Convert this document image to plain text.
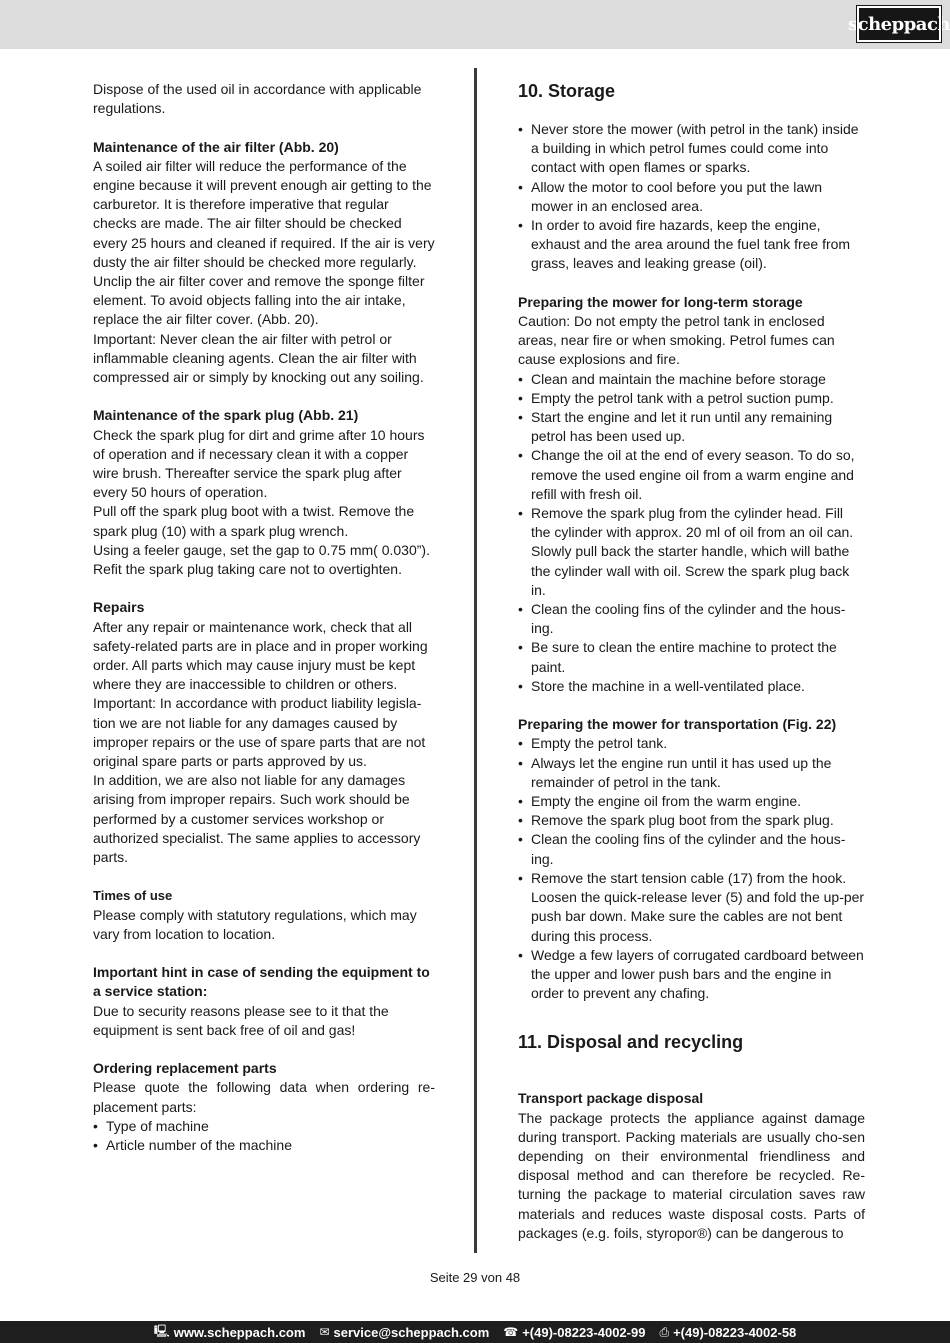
scheppach

Dispose of the used oil in accordance with applicable regulations.

Maintenance of the air filter (Abb. 20)

A soiled air filter will reduce the performance of the engine because it will prevent enough air getting to the carburetor. It is therefore imperative that regular checks are made. The air filter should be checked every 25 hours and cleaned if required. If the air is very dusty the air filter should be checked more regularly.

Unclip the air filter cover and remove the sponge filter element. To avoid objects falling into the air intake, replace the air filter cover. (Abb. 20).

Important: Never clean the air filter with petrol or inflammable cleaning agents. Clean the air filter with compressed air or simply by knocking out any soiling.

Maintenance of the spark plug (Abb. 21)

Check the spark plug for dirt and grime after 10 hours of operation and if necessary clean it with a copper wire brush. Thereafter service the spark plug after every 50 hours of operation.

Pull off the spark plug boot with a twist. Remove the spark plug (10) with a spark plug wrench.

Using a feeler gauge, set the gap to 0.75 mm( 0.030”).

Refit the spark plug taking care not to overtighten.

Repairs

After any repair or maintenance work, check that all safety-related parts are in place and in proper working order. All parts which may cause injury must be kept where they are inaccessible to children or others.

Important: In accordance with product liability legisla-tion we are not liable for any damages caused by improper repairs or the use of spare parts that are not original spare parts or parts approved by us.

In addition, we are also not liable for any damages arising from improper repairs. Such work should be performed by a customer services workshop or authorized specialist. The same applies to accessory parts.

Times of use

Please comply with statutory regulations, which may vary from location to location.

Important hint in case of sending the equipment to a service station:

Due to security reasons please see to it that the equipment is sent back free of oil and gas!

Ordering replacement parts

Please quote the following data when ordering re-placement parts:

• Type of machine
• Article number of the machine

10. Storage

• Never store the mower (with petrol in the tank) inside a building in which petrol fumes could come into contact with open flames or sparks.
• Allow the motor to cool before you put the lawn mower in an enclosed area.
• In order to avoid fire hazards, keep the engine, exhaust and the area around the fuel tank free from grass, leaves and leaking grease (oil).

Preparing the mower for long-term storage

Caution: Do not empty the petrol tank in enclosed areas, near fire or when smoking. Petrol fumes can cause explosions and fire.

• Clean and maintain the machine before storage
• Empty the petrol tank with a petrol suction pump.
• Start the engine and let it run until any remaining petrol has been used up.
• Change the oil at the end of every season. To do so, remove the used engine oil from a warm engine and refill with fresh oil.
• Remove the spark plug from the cylinder head. Fill the cylinder with approx. 20 ml of oil from an oil can. Slowly pull back the starter handle, which will bathe the cylinder wall with oil. Screw the spark plug back in.
• Clean the cooling fins of the cylinder and the hous-ing.
• Be sure to clean the entire machine to protect the paint.
• Store the machine in a well-ventilated place.

Preparing the mower for transportation (Fig. 22)

• Empty the petrol tank.
• Always let the engine run until it has used up the remainder of petrol in the tank.
• Empty the engine oil from the warm engine.
• Remove the spark plug boot from the spark plug.
• Clean the cooling fins of the cylinder and the hous-ing.
• Remove the start tension cable (17) from the hook. Loosen the quick-release lever (5) and fold the up-per push bar down. Make sure the cables are not bent during this process.
• Wedge a few layers of corrugated cardboard between the upper and lower push bars and the engine in order to prevent any chafing.

11. Disposal and recycling

Transport package disposal

The package protects the appliance against damage during transport. Packing materials are usually cho-sen depending on their environmental friendliness and disposal method and can therefore be recycled. Re-turning the package to material circulation saves raw materials and reduces waste disposal costs. Parts of packages (e.g. foils, styropor®) can be dangerous to

Seite 29 von 48
🖳 www.scheppach.com ✉ service@scheppach.com ☎ +(49)-08223-4002-99 ⎙ +(49)-08223-4002-58
